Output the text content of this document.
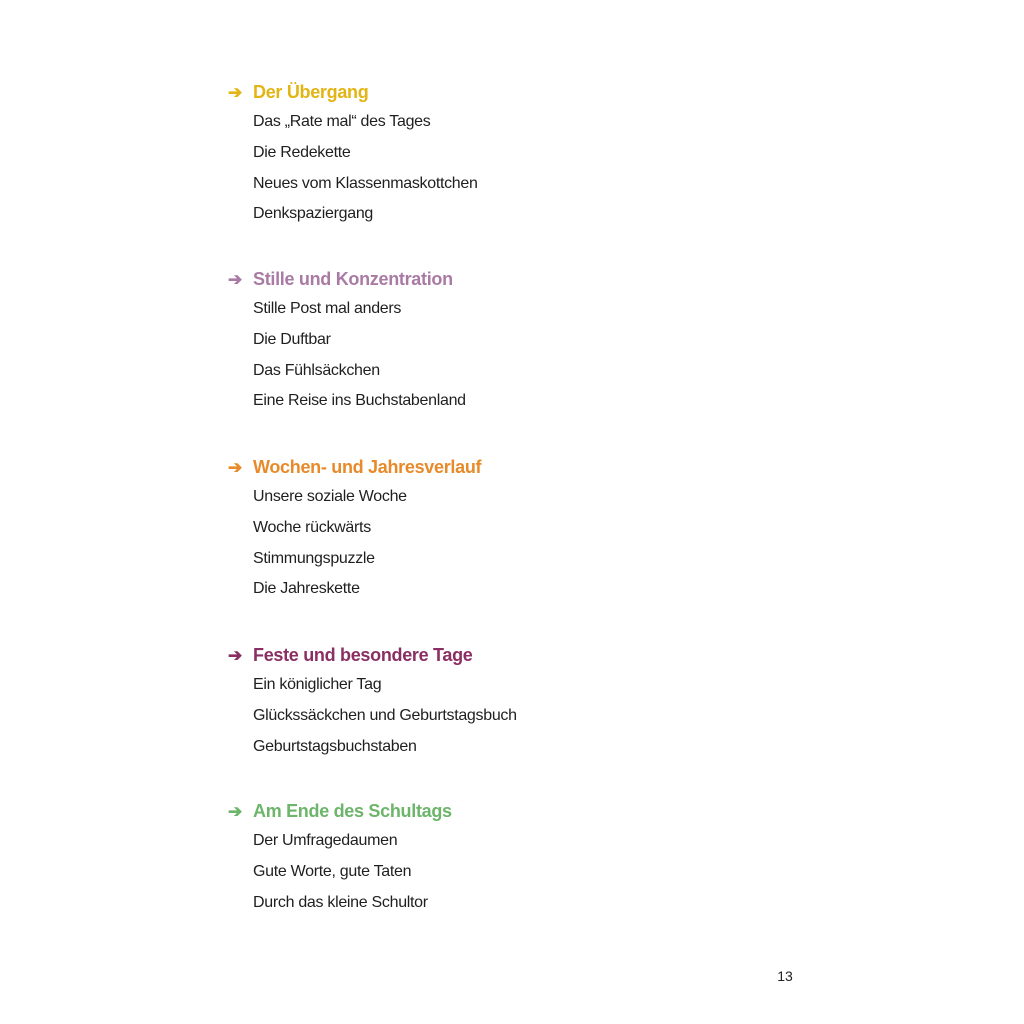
➔ Der Übergang
Das „Rate mal“ des Tages
Die Redekette
Neues vom Klassenmaskottchen
Denkspaziergang
➔ Stille und Konzentration
Stille Post mal anders
Die Duftbar
Das Fühlsäckchen
Eine Reise ins Buchstabenland
➔ Wochen- und Jahresverlauf
Unsere soziale Woche
Woche rückwärts
Stimmungspuzzle
Die Jahreskette
➔ Feste und besondere Tage
Ein königlicher Tag
Glückssäckchen und Geburtstagsbuch
Geburtstagsbuchstaben
➔ Am Ende des Schultags
Der Umfragedaumen
Gute Worte, gute Taten
Durch das kleine Schultor
13
